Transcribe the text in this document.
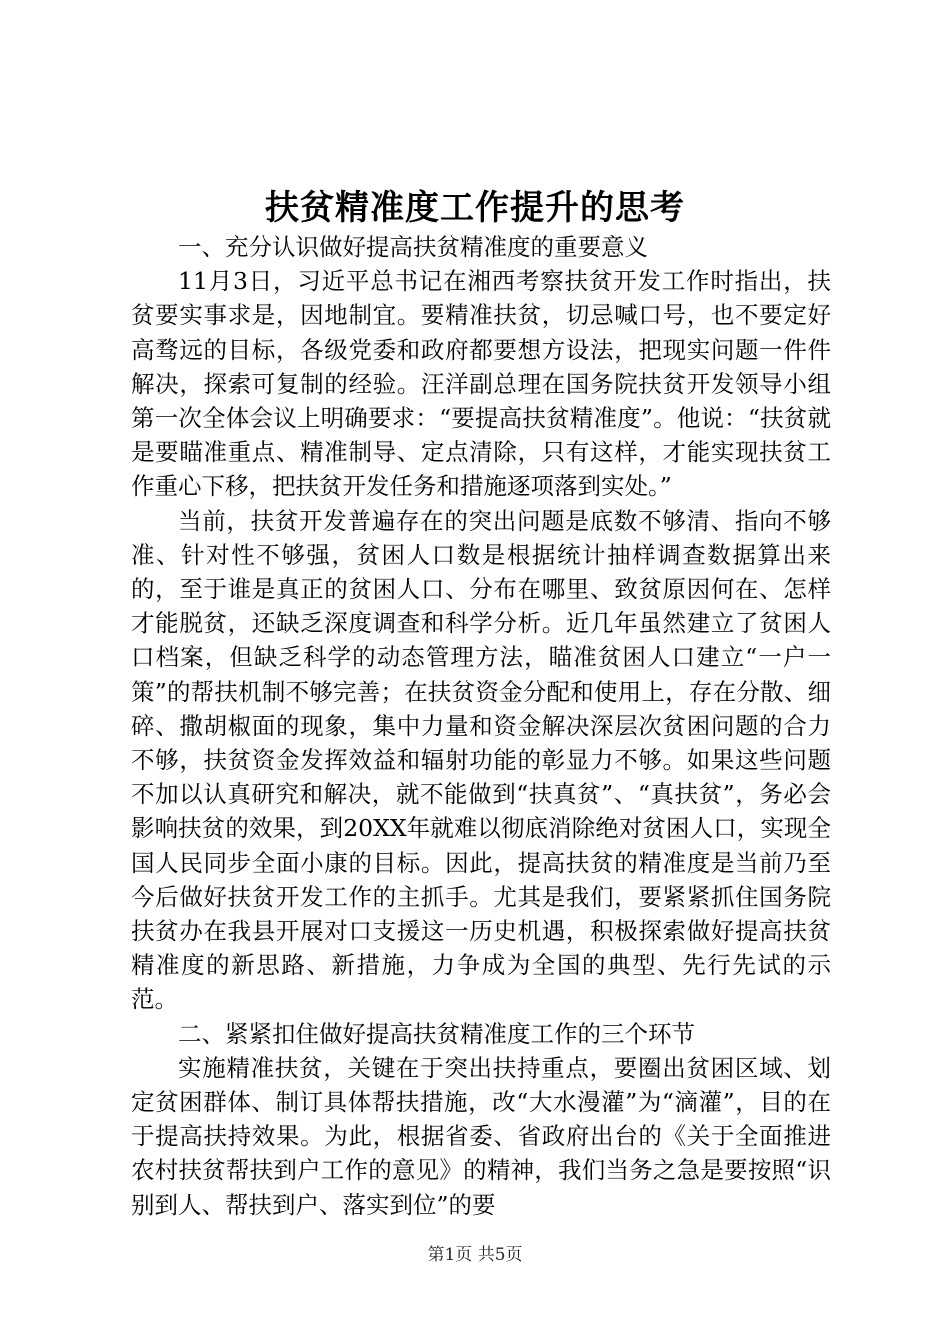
扶贫精准度工作提升的思考

一、充分认识做好提高扶贫精准度的重要意义

11月3日，习近平总书记在湘西考察扶贫开发工作时指出，扶贫要实事求是，因地制宜。要精准扶贫，切忌喊口号，也不要定好高骛远的目标，各级党委和政府都要想方设法，把现实问题一件件解决，探索可复制的经验。汪洋副总理在国务院扶贫开发领导小组第一次全体会议上明确要求：“要提高扶贫精准度”。他说：“扶贫就是要瞄准重点、精准制导、定点清除，只有这样，才能实现扶贫工作重心下移，把扶贫开发任务和措施逐项落到实处。”

当前，扶贫开发普遍存在的突出问题是底数不够清、指向不够准、针对性不够强，贫困人口数是根据统计抽样调查数据算出来的，至于谁是真正的贫困人口、分布在哪里、致贫原因何在、怎样才能脱贫，还缺乏深度调查和科学分析。近几年虽然建立了贫困人口档案，但缺乏科学的动态管理方法，瞄准贫困人口建立“一户一策”的帮扶机制不够完善；在扶贫资金分配和使用上，存在分散、细碎、撒胡椒面的现象，集中力量和资金解决深层次贫困问题的合力不够，扶贫资金发挥效益和辐射功能的彰显力不够。如果这些问题不加以认真研究和解决，就不能做到“扶真贫”、“真扶贫”，务必会影响扶贫的效果，到20XX年就难以彻底消除绝对贫困人口，实现全国人民同步全面小康的目标。因此，提高扶贫的精准度是当前乃至今后做好扶贫开发工作的主抓手。尤其是我们，要紧紧抓住国务院扶贫办在我县开展对口支援这一历史机遇，积极探索做好提高扶贫精准度的新思路、新措施，力争成为全国的典型、先行先试的示范。

二、紧紧扣住做好提高扶贫精准度工作的三个环节

实施精准扶贫，关键在于突出扶持重点，要圈出贫困区域、划定贫困群体、制订具体帮扶措施，改“大水漫灌”为“滴灌”，目的在于提高扶持效果。为此，根据省委、省政府出台的《关于全面推进农村扶贫帮扶到户工作的意见》的精神，我们当务之急是要按照“识别到人、帮扶到户、落实到位”的要

第1页 共5页
